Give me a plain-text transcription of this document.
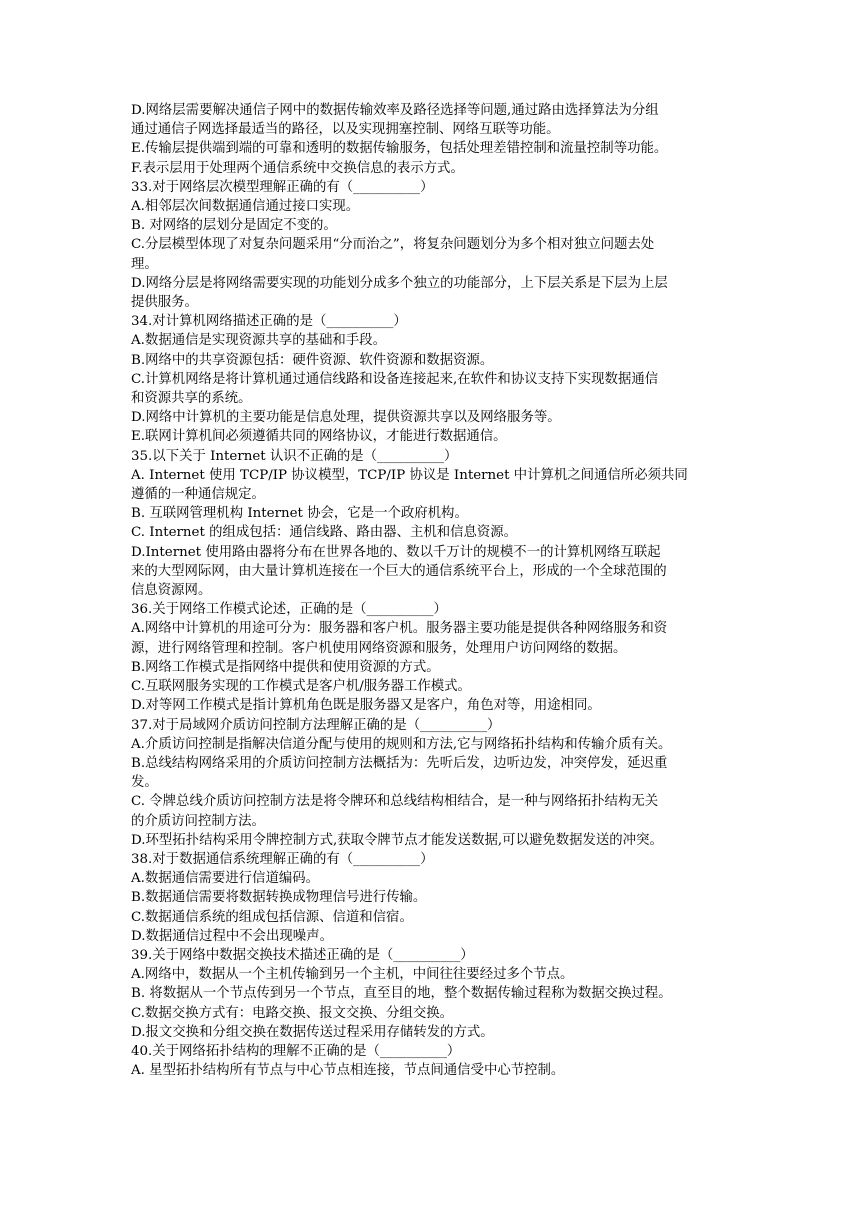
D.网络层需要解决通信子网中的数据传输效率及路径选择等问题,通过路由选择算法为分组
通过通信子网选择最适当的路径，以及实现拥塞控制、网络互联等功能。
E.传输层提供端到端的可靠和透明的数据传输服务，包括处理差错控制和流量控制等功能。
F.表示层用于处理两个通信系统中交换信息的表示方式。
33.对于网络层次模型理解正确的有（__________）
A.相邻层次间数据通信通过接口实现。
B. 对网络的层划分是固定不变的。
C.分层模型体现了对复杂问题采用“分而治之”，将复杂问题划分为多个相对独立问题去处
理。
D.网络分层是将网络需要实现的功能划分成多个独立的功能部分，上下层关系是下层为上层
提供服务。
34.对计算机网络描述正确的是（__________）
A.数据通信是实现资源共享的基础和手段。
B.网络中的共享资源包括：硬件资源、软件资源和数据资源。
C.计算机网络是将计算机通过通信线路和设备连接起来,在软件和协议支持下实现数据通信
和资源共享的系统。
D.网络中计算机的主要功能是信息处理，提供资源共享以及网络服务等。
E.联网计算机间必须遵循共同的网络协议，才能进行数据通信。
35.以下关于 Internet 认识不正确的是（__________）
A. Internet 使用 TCP/IP 协议模型，TCP/IP 协议是 Internet 中计算机之间通信所必须共同
遵循的一种通信规定。
B. 互联网管理机构 Internet 协会，它是一个政府机构。
C. Internet 的组成包括：通信线路、路由器、主机和信息资源。
D.Internet 使用路由器将分布在世界各地的、数以千万计的规模不一的计算机网络互联起
来的大型网际网，由大量计算机连接在一个巨大的通信系统平台上，形成的一个全球范围的
信息资源网。
36.关于网络工作模式论述，正确的是（__________）
A.网络中计算机的用途可分为：服务器和客户机。服务器主要功能是提供各种网络服务和资
源，进行网络管理和控制。客户机使用网络资源和服务，处理用户访问网络的数据。
B.网络工作模式是指网络中提供和使用资源的方式。
C.互联网服务实现的工作模式是客户机/服务器工作模式。
D.对等网工作模式是指计算机角色既是服务器又是客户，角色对等，用途相同。
37.对于局域网介质访问控制方法理解正确的是（__________）
A.介质访问控制是指解决信道分配与使用的规则和方法,它与网络拓扑结构和传输介质有关。
B.总线结构网络采用的介质访问控制方法概括为：先听后发，边听边发，冲突停发，延迟重
发。
C. 令牌总线介质访问控制方法是将令牌环和总线结构相结合，是一种与网络拓扑结构无关
的介质访问控制方法。
D.环型拓扑结构采用令牌控制方式,获取令牌节点才能发送数据,可以避免数据发送的冲突。
38.对于数据通信系统理解正确的有（__________）
A.数据通信需要进行信道编码。
B.数据通信需要将数据转换成物理信号进行传输。
C.数据通信系统的组成包括信源、信道和信宿。
D.数据通信过程中不会出现噪声。
39.关于网络中数据交换技术描述正确的是（__________）
A.网络中，数据从一个主机传输到另一个主机，中间往往要经过多个节点。
B. 将数据从一个节点传到另一个节点，直至目的地，整个数据传输过程称为数据交换过程。
C.数据交换方式有：电路交换、报文交换、分组交换。
D.报文交换和分组交换在数据传送过程采用存储转发的方式。
40.关于网络拓扑结构的理解不正确的是（__________）
A. 星型拓扑结构所有节点与中心节点相连接，节点间通信受中心节控制。
